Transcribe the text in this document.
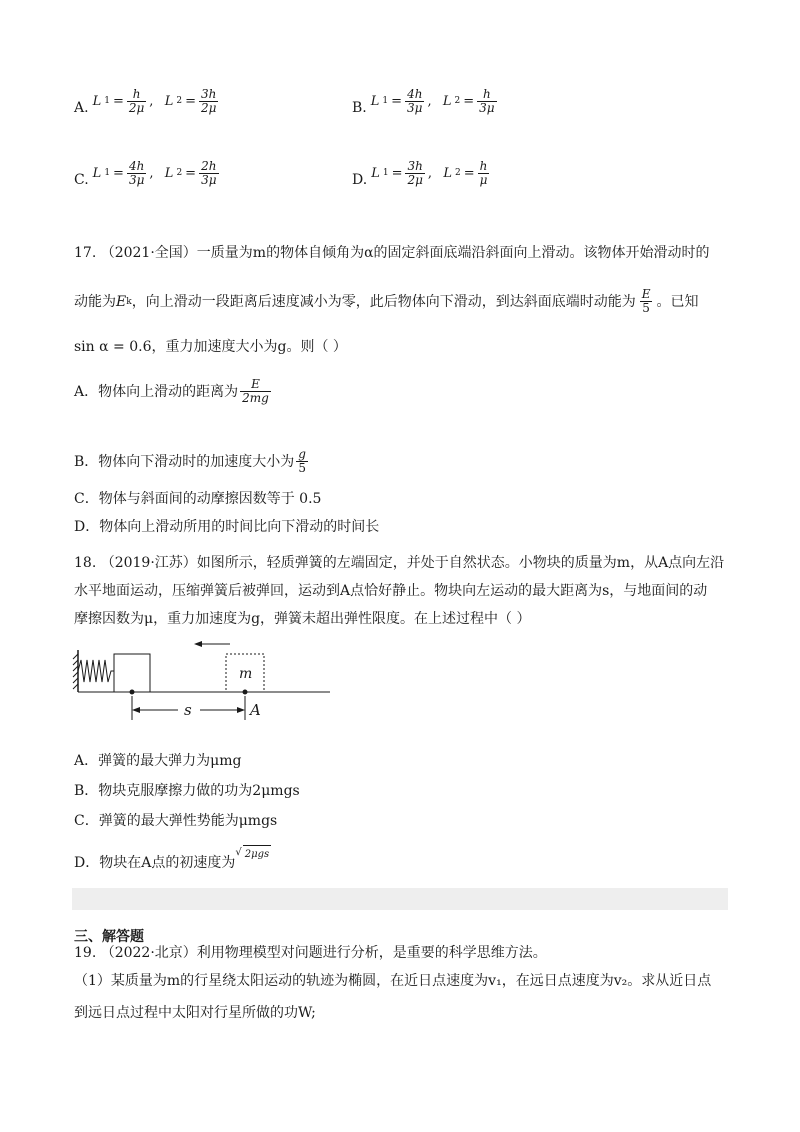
A. L $1 = \frac{h}{2\mu}$ , L $2 = \frac{3h}{2\mu}$	B. L $1 = \frac{4h}{3\mu}$ , L $2 = \frac{h}{3\mu}$
C. L $1 = \frac{4h}{3\mu}$ , L $2 = \frac{2h}{3\mu}$	D. L $1 = \frac{3h}{2\mu}$ , L $2 = \frac{h}{\mu}$
17. （2021·全国）一质量为m的物体自倾角为α的固定斜面底端沿斜面向上滑动。该物体开始滑动时的
动能为 E k ，向上滑动一段距离后速度减小为零，此后物体向下滑动，到达斜面底端时动能为 $\frac{E}{5}$ 。已知
sin α = 0.6，重力加速度大小为g。则（ ）
A．物体向上滑动的距离为 $\frac{E}{2mg}$
B．物体向下滑动时的加速度大小为 $\frac{g}{5}$
C．物体与斜面间的动摩擦因数等于 0.5
D．物体向上滑动所用的时间比向下滑动的时间长
18. （2019·江苏）如图所示，轻质弹簧的左端固定，并处于自然状态。小物块的质量为m，从A点向左沿
水平地面运动，压缩弹簧后被弹回，运动到A点恰好静止。物块向左运动的最大距离为s，与地面间的动
摩擦因数为μ，重力加速度为g，弹簧未超出弹性限度。在上述过程中（ ）
m
s	A
A．弹簧的最大弹力为μmg
B．物块克服摩擦力做的功为2μmgs
C．弹簧的最大弹性势能为μmgs
D．物块在A点的初速度为
√ 2μgs
三、解答题
19. （2022·北京）利用物理模型对问题进行分析，是重要的科学思维方法。
（1）某质量为m的行星绕太阳运动的轨迹为椭圆，在近日点速度为v₁，在远日点速度为v₂。求从近日点
到远日点过程中太阳对行星所做的功W;
